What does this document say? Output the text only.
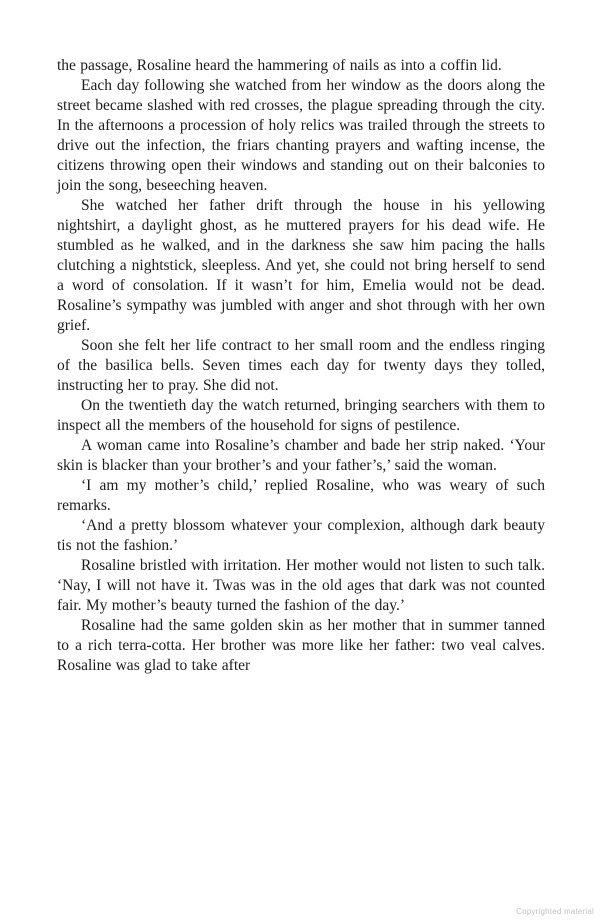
the passage, Rosaline heard the hammering of nails as into a coffin lid.

Each day following she watched from her window as the doors along the street became slashed with red crosses, the plague spreading through the city. In the afternoons a procession of holy relics was trailed through the streets to drive out the infection, the friars chanting prayers and wafting incense, the citizens throwing open their windows and standing out on their balconies to join the song, beseeching heaven.

She watched her father drift through the house in his yellowing nightshirt, a daylight ghost, as he muttered prayers for his dead wife. He stumbled as he walked, and in the darkness she saw him pacing the halls clutching a nightstick, sleepless. And yet, she could not bring herself to send a word of consolation. If it wasn’t for him, Emelia would not be dead. Rosaline’s sympathy was jumbled with anger and shot through with her own grief.

Soon she felt her life contract to her small room and the endless ringing of the basilica bells. Seven times each day for twenty days they tolled, instructing her to pray. She did not.

On the twentieth day the watch returned, bringing searchers with them to inspect all the members of the household for signs of pestilence.

A woman came into Rosaline’s chamber and bade her strip naked. ‘Your skin is blacker than your brother’s and your father’s,’ said the woman.

‘I am my mother’s child,’ replied Rosaline, who was weary of such remarks.

‘And a pretty blossom whatever your complexion, although dark beauty tis not the fashion.’

Rosaline bristled with irritation. Her mother would not listen to such talk. ‘Nay, I will not have it. Twas was in the old ages that dark was not counted fair. My mother’s beauty turned the fashion of the day.’

Rosaline had the same golden skin as her mother that in summer tanned to a rich terra-cotta. Her brother was more like her father: two veal calves. Rosaline was glad to take after

Copyrighted material
